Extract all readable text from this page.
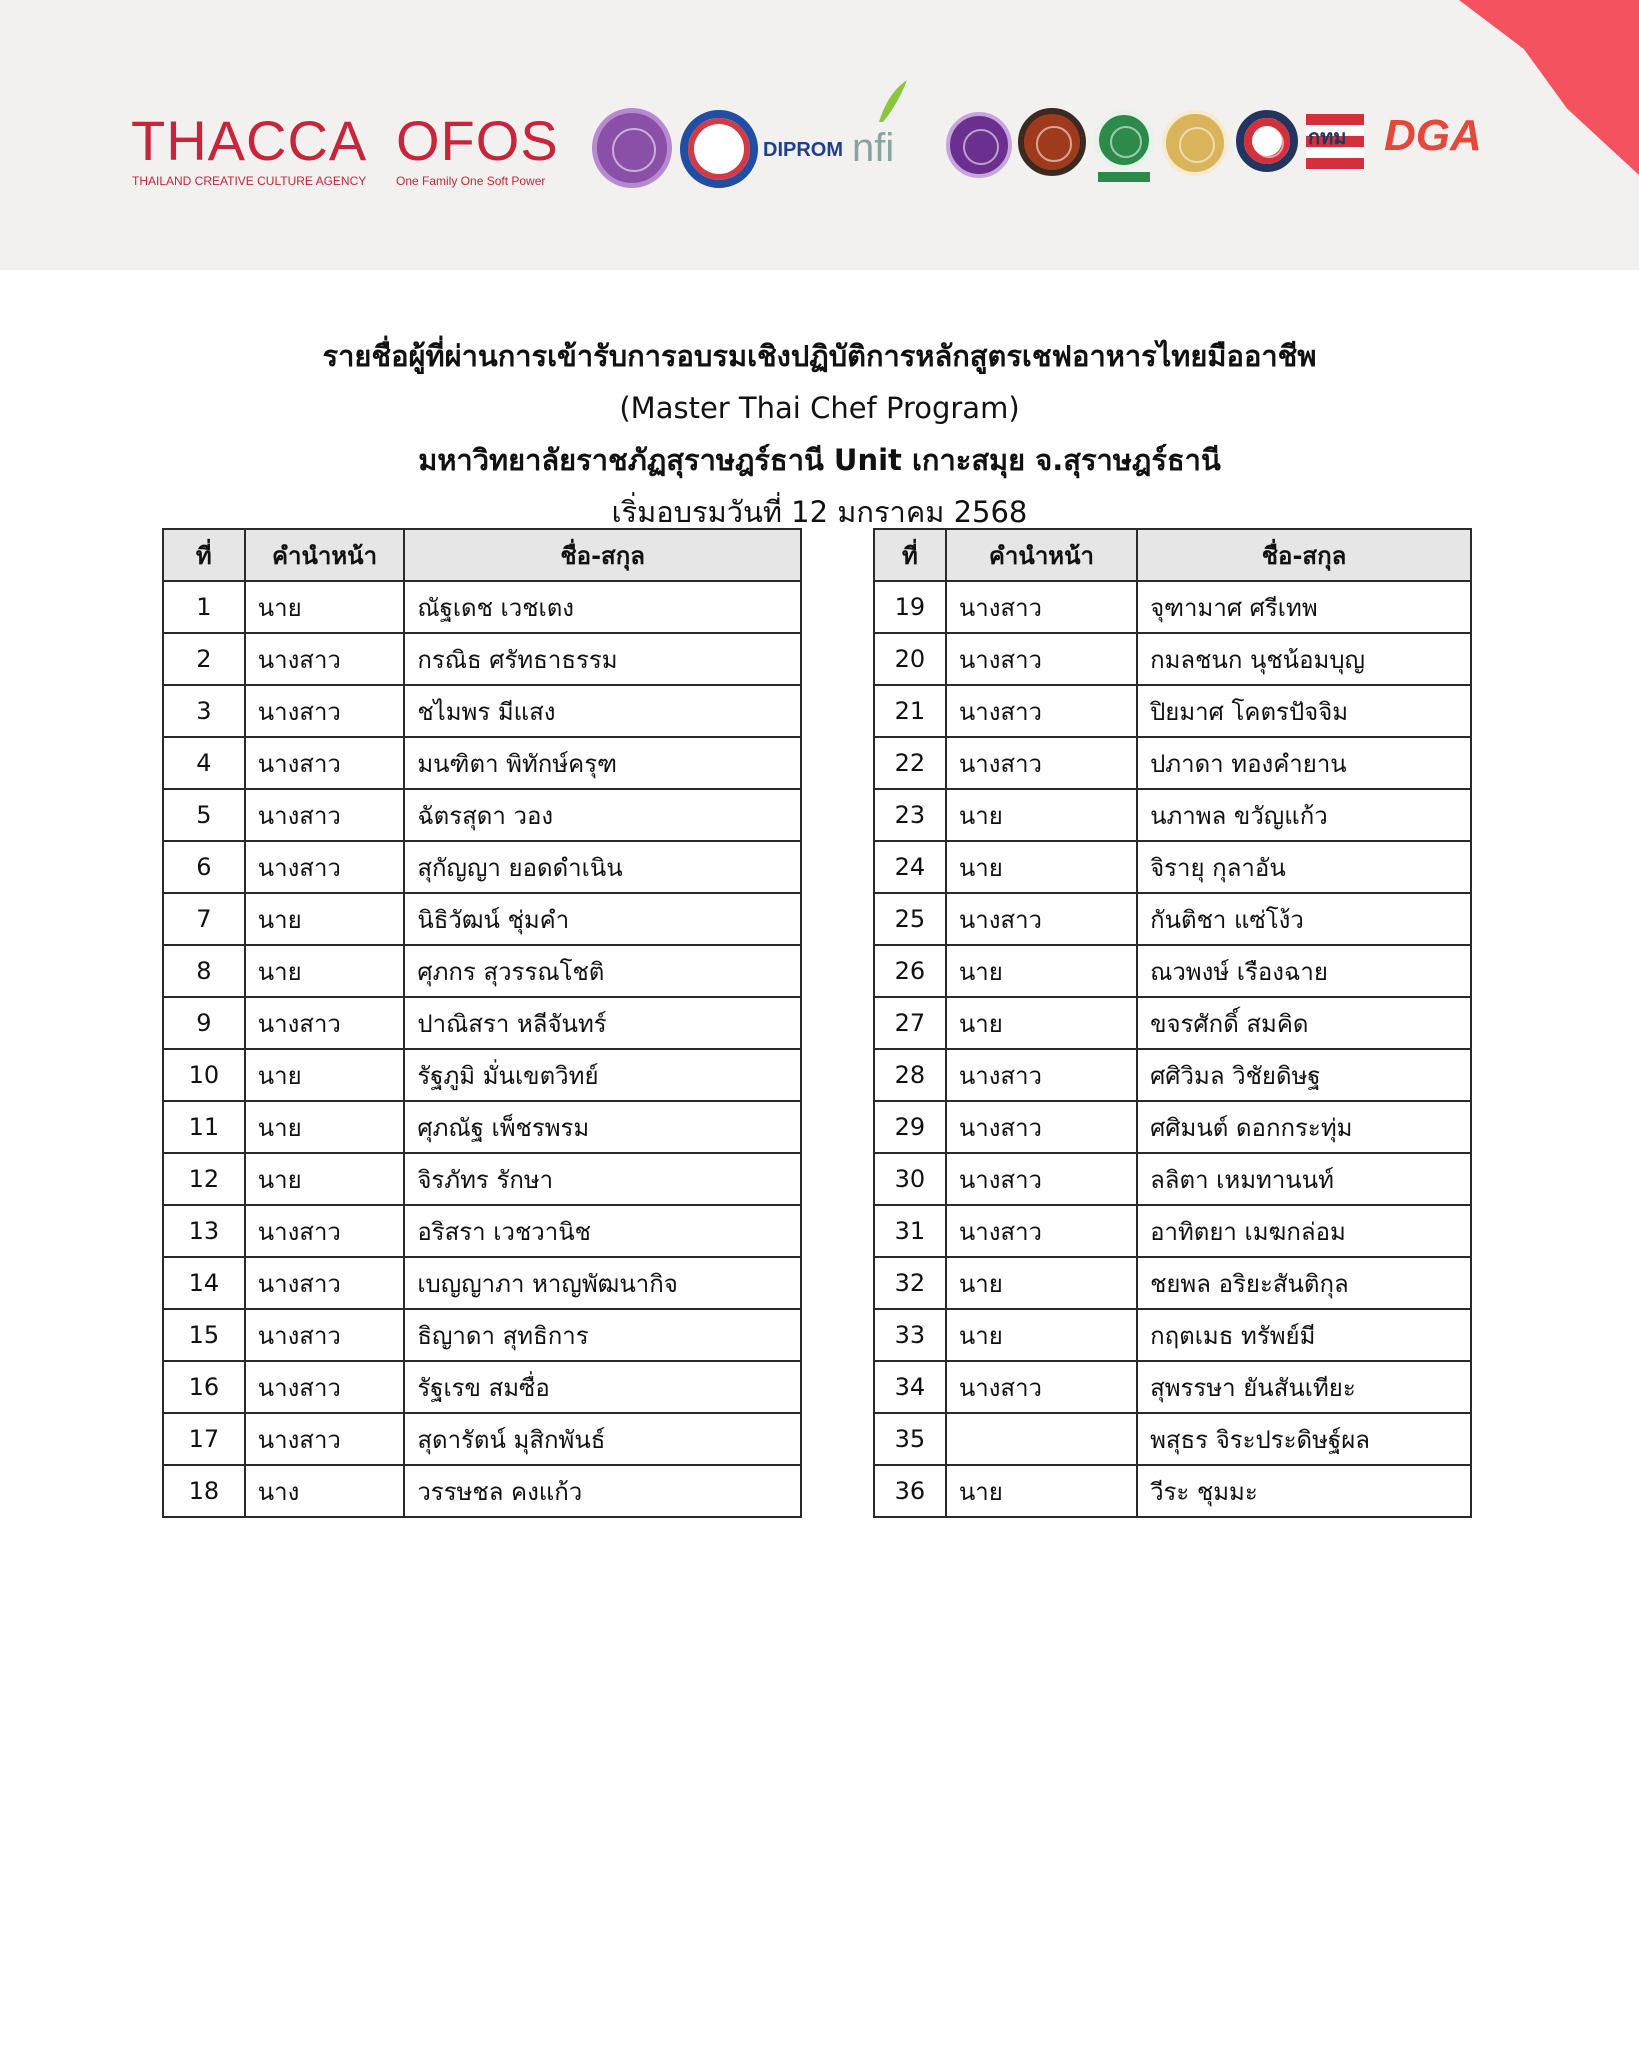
THACCA
THAILAND CREATIVE CULTURE AGENCY
OFOS
One Family One Soft Power
DIPROM nfi	กทม DGA
รายชื่อผู้ที่ผ่านการเข้ารับการอบรมเชิงปฏิบัติการหลักสูตรเชฟอาหารไทยมืออาชีพ
(Master Thai Chef Program)
มหาวิทยาลัยราชภัฏสุราษฎร์ธานี Unit เกาะสมุย จ.สุราษฎร์ธานี
เริ่มอบรมวันที่ 12 มกราคม 2568
ที่	คำนำหน้า	ชื่อ-สกุล
1	นาย	ณัฐเดช เวชเตง
2	นางสาว	กรณิธ ศรัทธาธรรม
3	นางสาว	ชไมพร มีแสง
4	นางสาว	มนฑิตา พิทักษ์ครุฑ
5	นางสาว	ฉัตรสุดา วอง
6	นางสาว	สุกัญญา ยอดดำเนิน
7	นาย	นิธิวัฒน์ ชุ่มคำ
8	นาย	ศุภกร สุวรรณโชติ
9	นางสาว	ปาณิสรา หลีจันทร์
10	นาย	รัฐภูมิ มั่นเขตวิทย์
11	นาย	ศุภณัฐ เพ็ชรพรม
12	นาย	จิรภัทร รักษา
13	นางสาว	อริสรา เวชวานิช
14	นางสาว	เบญญาภา หาญพัฒนากิจ
15	นางสาว	ธิญาดา สุทธิการ
16	นางสาว	รัฐเรข สมซื่อ
17	นางสาว	สุดารัตน์ มุสิกพันธ์
18	นาง	วรรษชล คงแก้ว
ที่	คำนำหน้า	ชื่อ-สกุล
19	นางสาว	จุฑามาศ ศรีเทพ
20	นางสาว	กมลชนก นุชน้อมบุญ
21	นางสาว	ปิยมาศ โคตรปัจจิม
22	นางสาว	ปภาดา ทองคำยาน
23	นาย	นภาพล ขวัญแก้ว
24	นาย	จิรายุ กุลาอัน
25	นางสาว	กันติชา แซ่โง้ว
26	นาย	ณวพงษ์ เรืองฉาย
27	นาย	ขจรศักดิ์ สมคิด
28	นางสาว	ศศิวิมล วิชัยดิษฐ
29	นางสาว	ศศิมนต์ ดอกกระทุ่ม
30	นางสาว	ลลิตา เหมทานนท์
31	นางสาว	อาทิตยา เมฆกล่อม
32	นาย	ชยพล อริยะสันติกุล
33	นาย	กฤตเมธ ทรัพย์มี
34	นางสาว	สุพรรษา ยันสันเทียะ
35		พสุธร จิระประดิษฐ์ผล
36	นาย	วีระ ชุมมะ
